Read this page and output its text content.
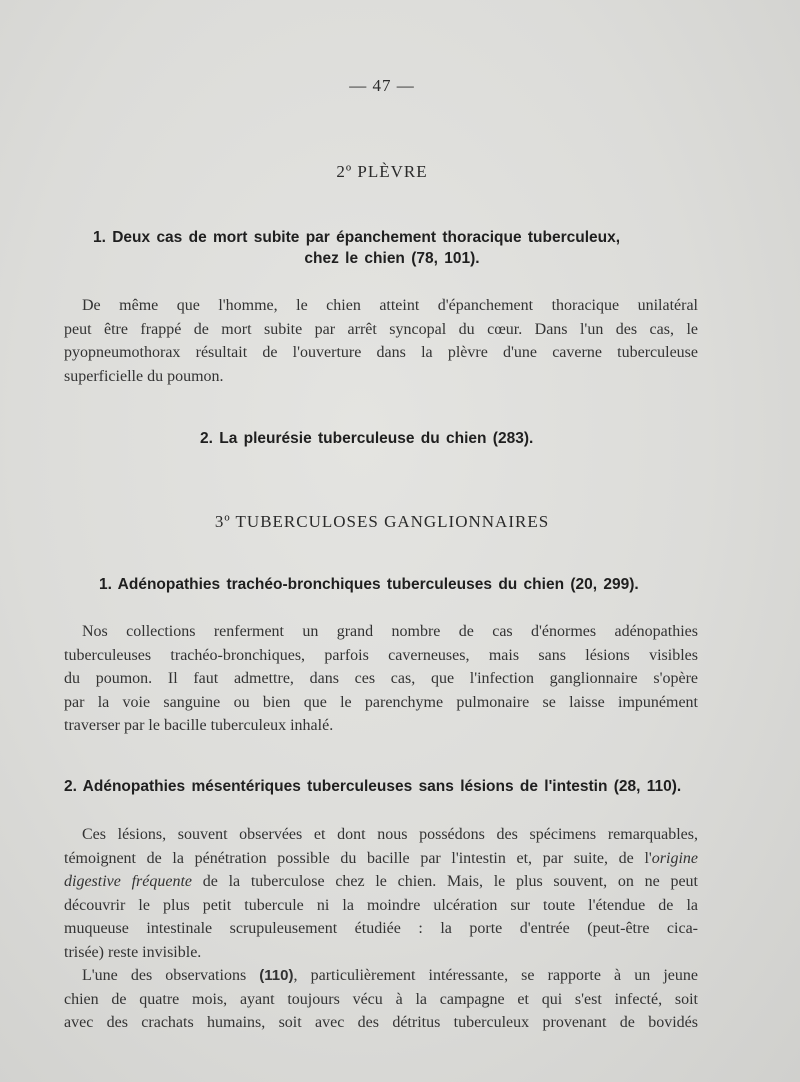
— 47 —
2º PLÈVRE
1. Deux cas de mort subite par épanchement thoracique tuberculeux,
chez le chien (78, 101).
De même que l'homme, le chien atteint d'épanchement thoracique unilatéral
peut être frappé de mort subite par arrêt syncopal du cœur. Dans l'un des cas, le
pyopneumothorax résultait de l'ouverture dans la plèvre d'une caverne tuberculeuse
superficielle du poumon.
2. La pleurésie tuberculeuse du chien (283).
3º TUBERCULOSES GANGLIONNAIRES
1. Adénopathies trachéo-bronchiques tuberculeuses du chien (20, 299).
Nos collections renferment un grand nombre de cas d'énormes adénopathies
tuberculeuses trachéo-bronchiques, parfois caverneuses, mais sans lésions visibles
du poumon. Il faut admettre, dans ces cas, que l'infection ganglionnaire s'opère
par la voie sanguine ou bien que le parenchyme pulmonaire se laisse impunément
traverser par le bacille tuberculeux inhalé.
2. Adénopathies mésentériques tuberculeuses sans lésions de l'intestin (28, 110).
Ces lésions, souvent observées et dont nous possédons des spécimens remarquables,
témoignent de la pénétration possible du bacille par l'intestin et, par suite, de l'origine
digestive fréquente de la tuberculose chez le chien. Mais, le plus souvent, on ne peut
découvrir le plus petit tubercule ni la moindre ulcération sur toute l'étendue de la
muqueuse intestinale scrupuleusement étudiée : la porte d'entrée (peut-être cica-
trisée) reste invisible.
L'une des observations (110), particulièrement intéressante, se rapporte à un jeune
chien de quatre mois, ayant toujours vécu à la campagne et qui s'est infecté, soit
avec des crachats humains, soit avec des détritus tuberculeux provenant de bovidés
